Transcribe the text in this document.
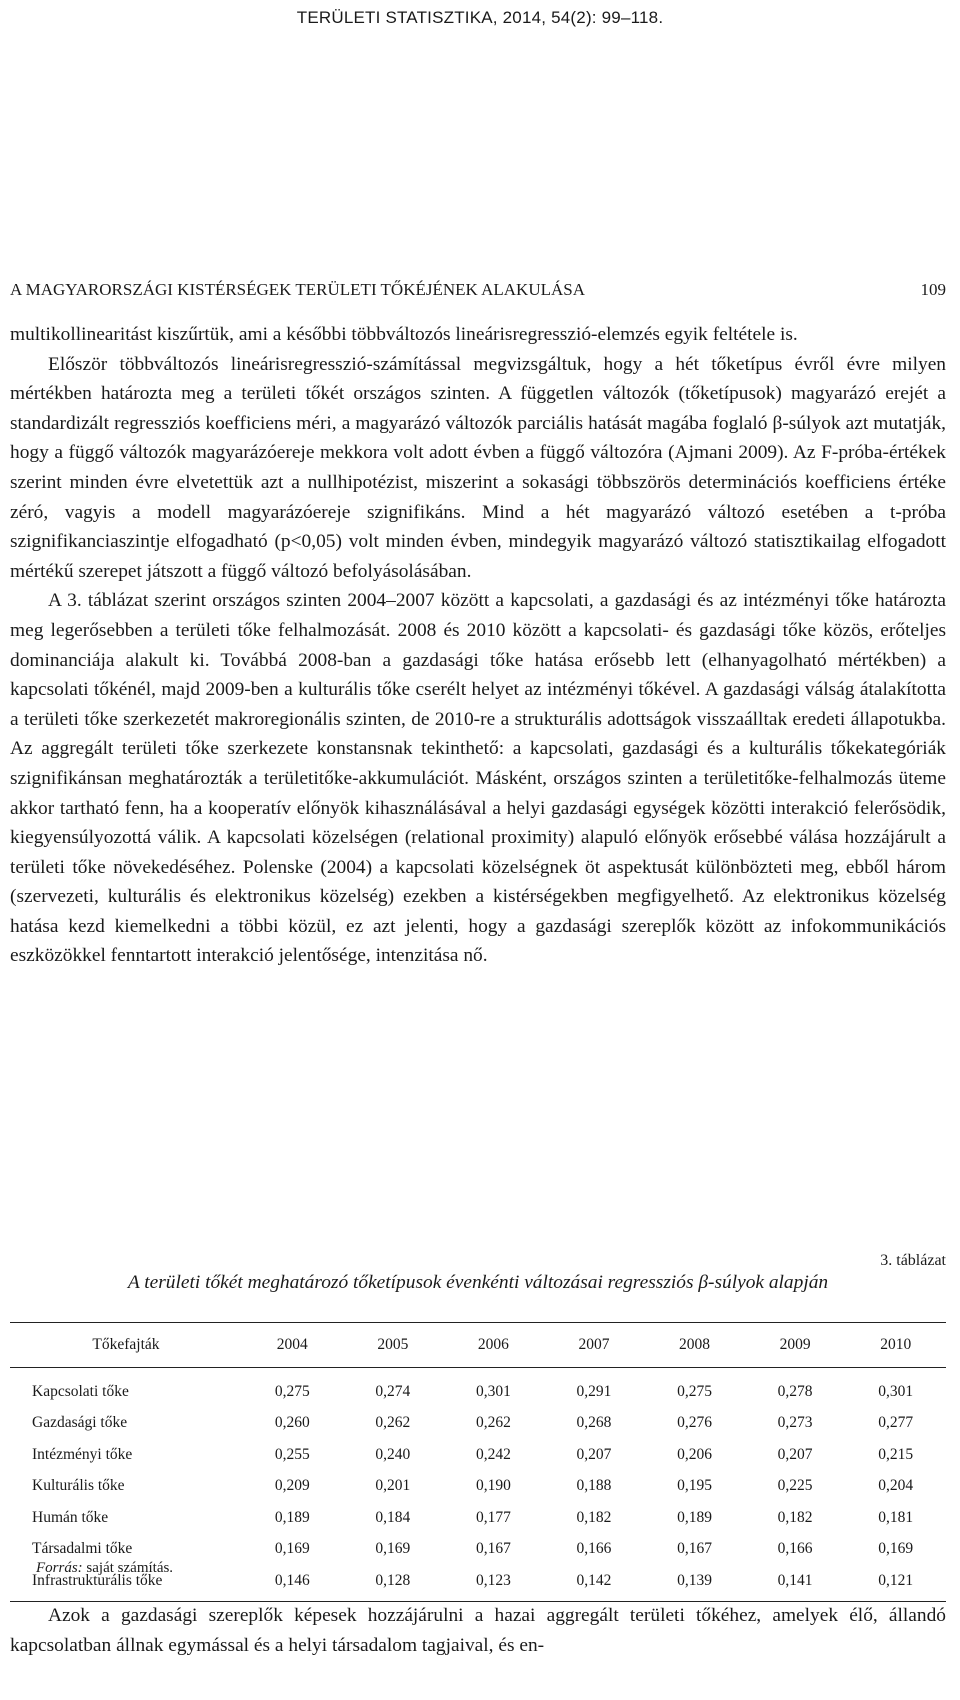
TERÜLETI STATISZTIKA, 2014, 54(2): 99–118.
A MAGYARORSZÁGI KISTÉRSÉGEK TERÜLETI TŐKÉJÉNEK ALAKULÁSA	109

multikollinearitást kiszűrtük, ami a későbbi többváltozós lineárisregresszió-elemzés egyik feltétele is.

Először többváltozós lineárisregresszió-számítással megvizsgáltuk, hogy a hét tőketípus évről évre milyen mértékben határozta meg a területi tőkét országos szinten. A független változók (tőketípusok) magyarázó erejét a standardizált regressziós koefficiens méri, a magyarázó változók parciális hatását magába foglaló β-súlyok azt mutatják, hogy a függő változók magyarázóereje mekkora volt adott évben a függő változóra (Ajmani 2009). Az F-próba-értékek szerint minden évre elvetettük azt a nullhipotézist, miszerint a sokasági többszörös determinációs koefficiens értéke zéró, vagyis a modell magyarázóereje szignifikáns. Mind a hét magyarázó változó esetében a t-próba szignifikanciaszintje elfogadható (p<0,05) volt minden évben, mindegyik magyarázó változó statisztikailag elfogadott mértékű szerepet játszott a függő változó befolyásolásában.

A 3. táblázat szerint országos szinten 2004–2007 között a kapcsolati, a gazdasági és az intézményi tőke határozta meg legerősebben a területi tőke felhalmozását. 2008 és 2010 között a kapcsolati- és gazdasági tőke közös, erőteljes dominanciája alakult ki. Továbbá 2008-ban a gazdasági tőke hatása erősebb lett (elhanyagolható mértékben) a kapcsolati tőkénél, majd 2009-ben a kulturális tőke cserélt helyet az intézményi tőkével. A gazdasági válság átalakította a területi tőke szerkezetét makroregionális szinten, de 2010-re a strukturális adottságok visszaálltak eredeti állapotukba. Az aggregált területi tőke szerkezete konstansnak tekinthető: a kapcsolati, gazdasági és a kulturális tőkekategóriák szignifikánsan meghatározták a területitőke-akkumulációt. Másként, országos szinten a területitőke-felhalmozás üteme akkor tartható fenn, ha a kooperatív előnyök kihasználásával a helyi gazdasági egységek közötti interakció felerősödik, kiegyensúlyozottá válik. A kapcsolati közelségen (relational proximity) alapuló előnyök erősebbé válása hozzájárult a területi tőke növekedéséhez. Polenske (2004) a kapcsolati közelségnek öt aspektusát különbözteti meg, ebből három (szervezeti, kulturális és elektronikus közelség) ezekben a kistérségekben megfigyelhető. Az elektronikus közelség hatása kezd kiemelkedni a többi közül, ez azt jelenti, hogy a gazdasági szereplők között az infokommunikációs eszközökkel fenntartott interakció jelentősége, intenzitása nő.

3. táblázat
A területi tőkét meghatározó tőketípusok évenkénti változásai regressziós β-súlyok alapján
Tőkefajták	2004	2005	2006	2007	2008	2009	2010
Kapcsolati tőke	0,275	0,274	0,301	0,291	0,275	0,278	0,301
Gazdasági tőke	0,260	0,262	0,262	0,268	0,276	0,273	0,277
Intézményi tőke	0,255	0,240	0,242	0,207	0,206	0,207	0,215
Kulturális tőke	0,209	0,201	0,190	0,188	0,195	0,225	0,204
Humán tőke	0,189	0,184	0,177	0,182	0,189	0,182	0,181
Társadalmi tőke	0,169	0,169	0,167	0,166	0,167	0,166	0,169
Infrastrukturális tőke	0,146	0,128	0,123	0,142	0,139	0,141	0,121
Forrás: saját számítás.

Azok a gazdasági szereplők képesek hozzájárulni a hazai aggregált területi tőkéhez, amelyek élő, állandó kapcsolatban állnak egymással és a helyi társadalom tagjaival, és en-
